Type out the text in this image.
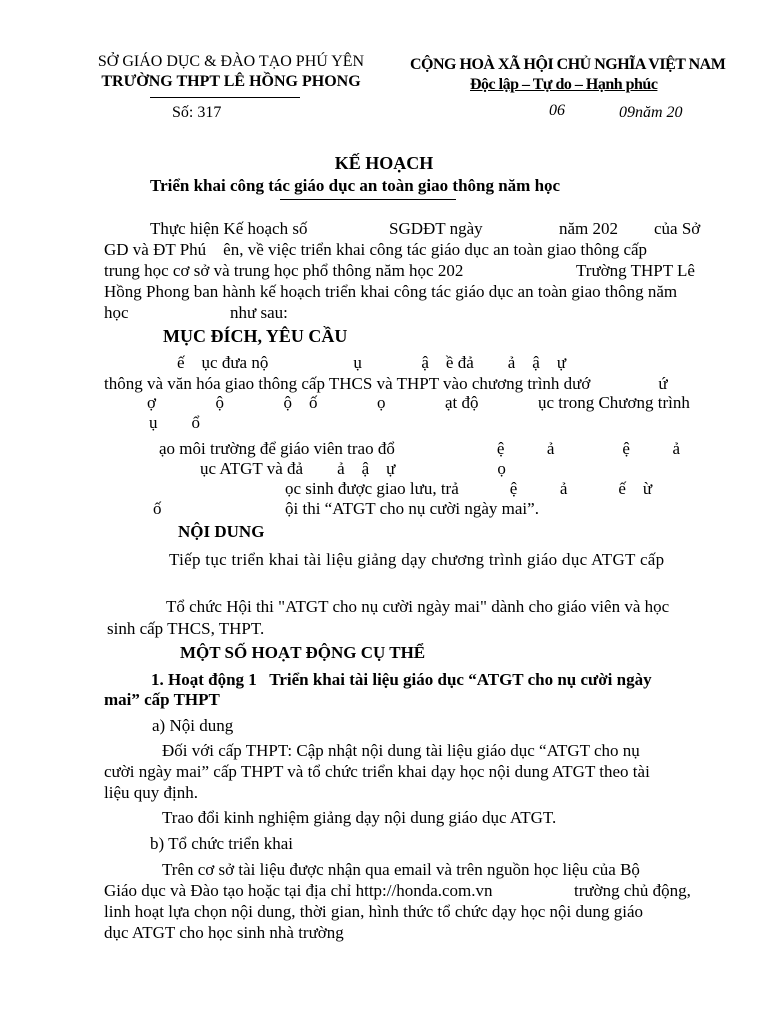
SỞ GIÁO DỤC & ĐÀO TẠO PHÚ YÊN
TRƯỜNG THPT LÊ HỒNG PHONG
Số: 317
CỘNG HOÀ XÃ HỘI CHỦ NGHĨA VIỆT NAM
Độc lập – Tự do – Hạnh phúc
06	09năm 20
KẾ HOẠCH
Triển khai công tác giáo dục an toàn giao thông năm học
Thực hiện Kế hoạch số	SGDĐT ngày	năm 202 của Sở
GD và ĐT Phú    ên, về việc triển khai công tác giáo dục an toàn giao thông cấp
trung học cơ sở và trung học phổ thông năm học 202	Trường THPT Lê
Hồng Phong ban hành kế hoạch triển khai công tác giáo dục an toàn giao thông năm
học	như sau:
MỤC ĐÍCH, YÊU CẦU
ế    ục đưa nộ                    ụ              ậ    ề đả        ả    ậ    ự
thông và văn hóa giao thông cấp THCS và THPT vào chương trình dướ                ứ
ợ              ộ              ộ    ố              ọ              ạt độ              ục trong Chương trình
ụ        ổ
ạo môi trường để giáo viên trao đổ                        ệ          ả                ệ          ả
ục ATGT và đả        ả    ậ    ự                        ọ
ọc sinh được giao lưu, trả            ệ          ả            ế    ừ
ố	ội thi “ATGT cho nụ cười ngày mai”.
NỘI DUNG
Tiếp tục triển khai tài liệu giảng dạy chương trình giáo dục ATGT cấp
Tổ chức Hội thi "ATGT cho nụ cười ngày mai" dành cho giáo viên và học
sinh cấp THCS, THPT.
MỘT SỐ HOẠT ĐỘNG CỤ THỂ
1. Hoạt động 1   Triển khai tài liệu giáo dục “ATGT cho nụ cười ngày
mai” cấp THPT
a) Nội dung
Đối với cấp THPT: Cập nhật nội dung tài liệu giáo dục “ATGT cho nụ
cười ngày mai” cấp THPT và tổ chức triển khai dạy học nội dung ATGT theo tài
liệu quy định.
Trao đổi kinh nghiệm giảng dạy nội dung giáo dục ATGT.
b) Tổ chức triển khai
Trên cơ sở tài liệu được nhận qua email và trên nguồn học liệu của Bộ
Giáo dục và Đào tạo hoặc tại địa chỉ http://honda.com.vn	trường chủ động,
linh hoạt lựa chọn nội dung, thời gian, hình thức tổ chức dạy học nội dung giáo
dục ATGT cho học sinh nhà trường
